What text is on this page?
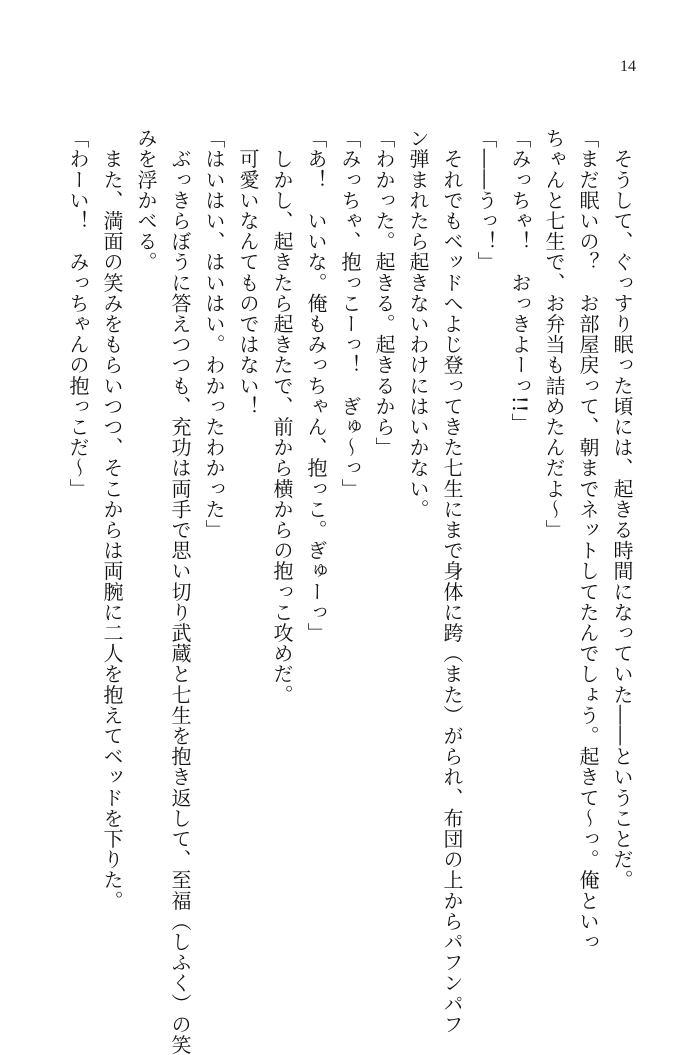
14

　そうして、ぐっすり眠った頃には、起きる時間になっていた――ということだ。

「まだ眠いの？　お部屋戻って、朝までネットしてたんでしょう。起きて～っ。俺といっ

ちゃんと七生で、お弁当も詰めたんだよ～」

「みっちゃ！　おっきよーっ!!」

「――うっ！」

　それでもベッドへよじ登ってきた七生にまで身体に跨（また）がられ、布団の上からパフンパフ

ン弾まれたら起きないわけにはいかない。

「わかった。起きる。起きるから」

「みっちゃ、抱っこーっ！　ぎゅ～っ」

「あ！　いいな。俺もみっちゃん、抱っこ。ぎゅーっ」

　しかし、起きたら起きたで、前から横からの抱っこ攻めだ。

　可愛いなんてものではない！

「はいはい、はいはい。わかったわかった」

　ぶっきらぼうに答えつつも、充功は両手で思い切り武蔵と七生を抱き返して、至福（しふく）の笑

みを浮かべる。

　また、満面の笑みをもらいつつ、そこからは両腕に二人を抱えてベッドを下りた。

「わーい！　みっちゃんの抱っこだ～」
